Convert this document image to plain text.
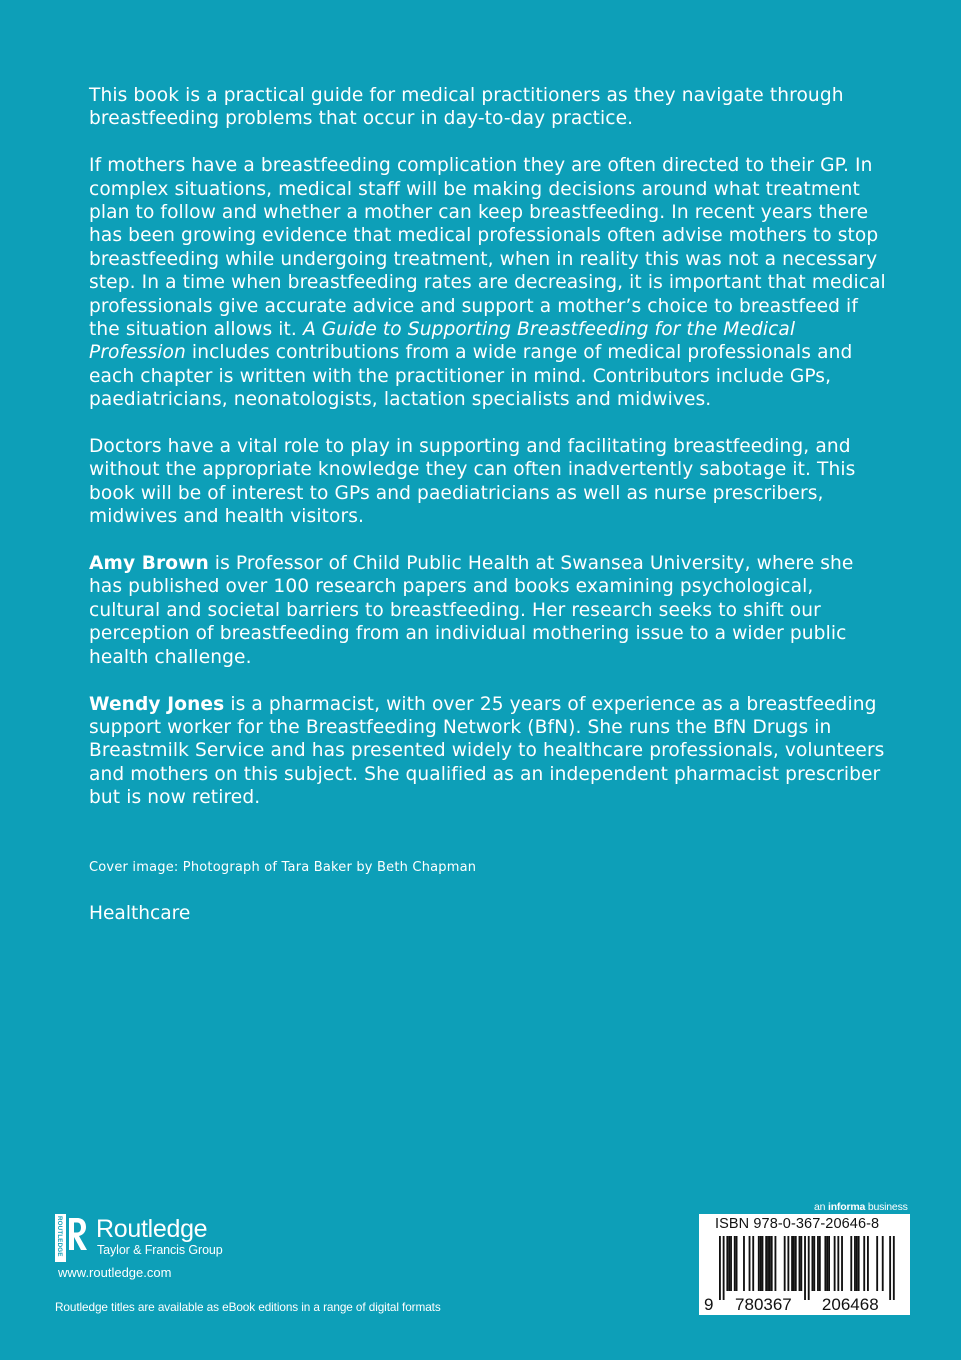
This book is a practical guide for medical practitioners as they navigate through breastfeeding problems that occur in day-to-day practice.

If mothers have a breastfeeding complication they are often directed to their GP. In complex situations, medical staff will be making decisions around what treatment plan to follow and whether a mother can keep breastfeeding. In recent years there has been growing evidence that medical professionals often advise mothers to stop breastfeeding while undergoing treatment, when in reality this was not a necessary step. In a time when breastfeeding rates are decreasing, it is important that medical professionals give accurate advice and support a mother’s choice to breastfeed if the situation allows it. A Guide to Supporting Breastfeeding for the Medical Profession includes contributions from a wide range of medical professionals and each chapter is written with the practitioner in mind. Contributors include GPs, paediatricians, neonatologists, lactation specialists and midwives.

Doctors have a vital role to play in supporting and facilitating breastfeeding, and without the appropriate knowledge they can often inadvertently sabotage it. This book will be of interest to GPs and paediatricians as well as nurse prescribers, midwives and health visitors.

Amy Brown is Professor of Child Public Health at Swansea University, where she has published over 100 research papers and books examining psychological, cultural and societal barriers to breastfeeding. Her research seeks to shift our perception of breastfeeding from an individual mothering issue to a wider public health challenge.

Wendy Jones is a pharmacist, with over 25 years of experience as a breastfeeding support worker for the Breastfeeding Network (BfN). She runs the BfN Drugs in Breastmilk Service and has presented widely to healthcare professionals, volunteers and mothers on this subject. She qualified as an independent pharmacist prescriber but is now retired.

Cover image: Photograph of Tara Baker by Beth Chapman
Healthcare
ROUTLEDGE Routledge
Taylor & Francis Group
www.routledge.com
Routledge titles are available as eBook editions in a range of digital formats
an informa business
ISBN 978-0-367-20646-8
9 780367 206468
